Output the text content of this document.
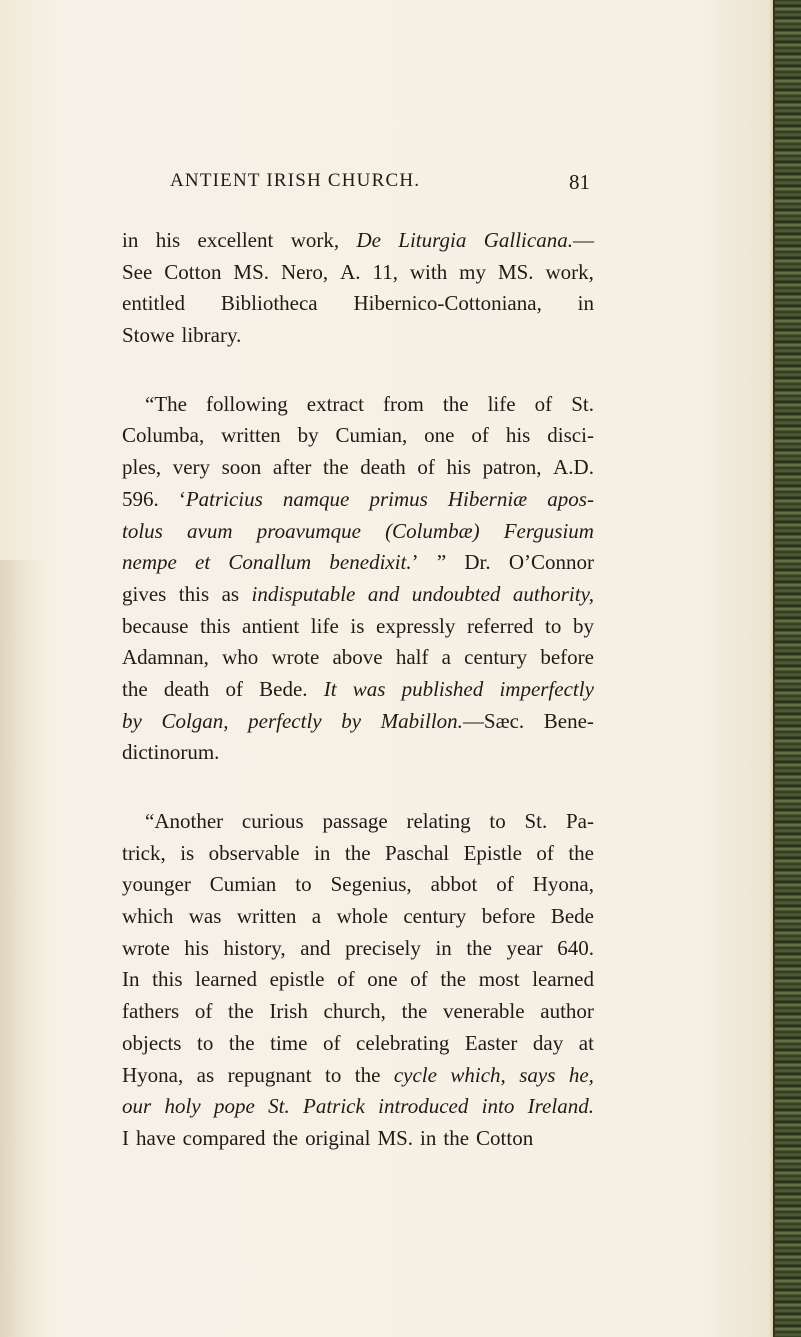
ANTIENT IRISH CHURCH.	81
in his excellent work, De Liturgia Gallicana.—
See Cotton MS. Nero, A. 11, with my MS. work,
entitled Bibliotheca Hibernico-Cottoniana, in
Stowe library.
“The following extract from the life of St.
Columba, written by Cumian, one of his disci-
ples, very soon after the death of his patron, A.D.
596. ‘Patricius namque primus Hiberniæ apos-
tolus avum proavumque (Columbæ) Fergusium
nempe et Conallum benedixit.’ ” Dr. O’Connor
gives this as indisputable and undoubted authority,
because this antient life is expressly referred to by
Adamnan, who wrote above half a century before
the death of Bede. It was published imperfectly
by Colgan, perfectly by Mabillon.—Sæc. Bene-
dictinorum.
“Another curious passage relating to St. Pa-
trick, is observable in the Paschal Epistle of the
younger Cumian to Segenius, abbot of Hyona,
which was written a whole century before Bede
wrote his history, and precisely in the year 640.
In this learned epistle of one of the most learned
fathers of the Irish church, the venerable author
objects to the time of celebrating Easter day at
Hyona, as repugnant to the cycle which, says he,
our holy pope St. Patrick introduced into Ireland.
I have compared the original MS. in the Cotton
